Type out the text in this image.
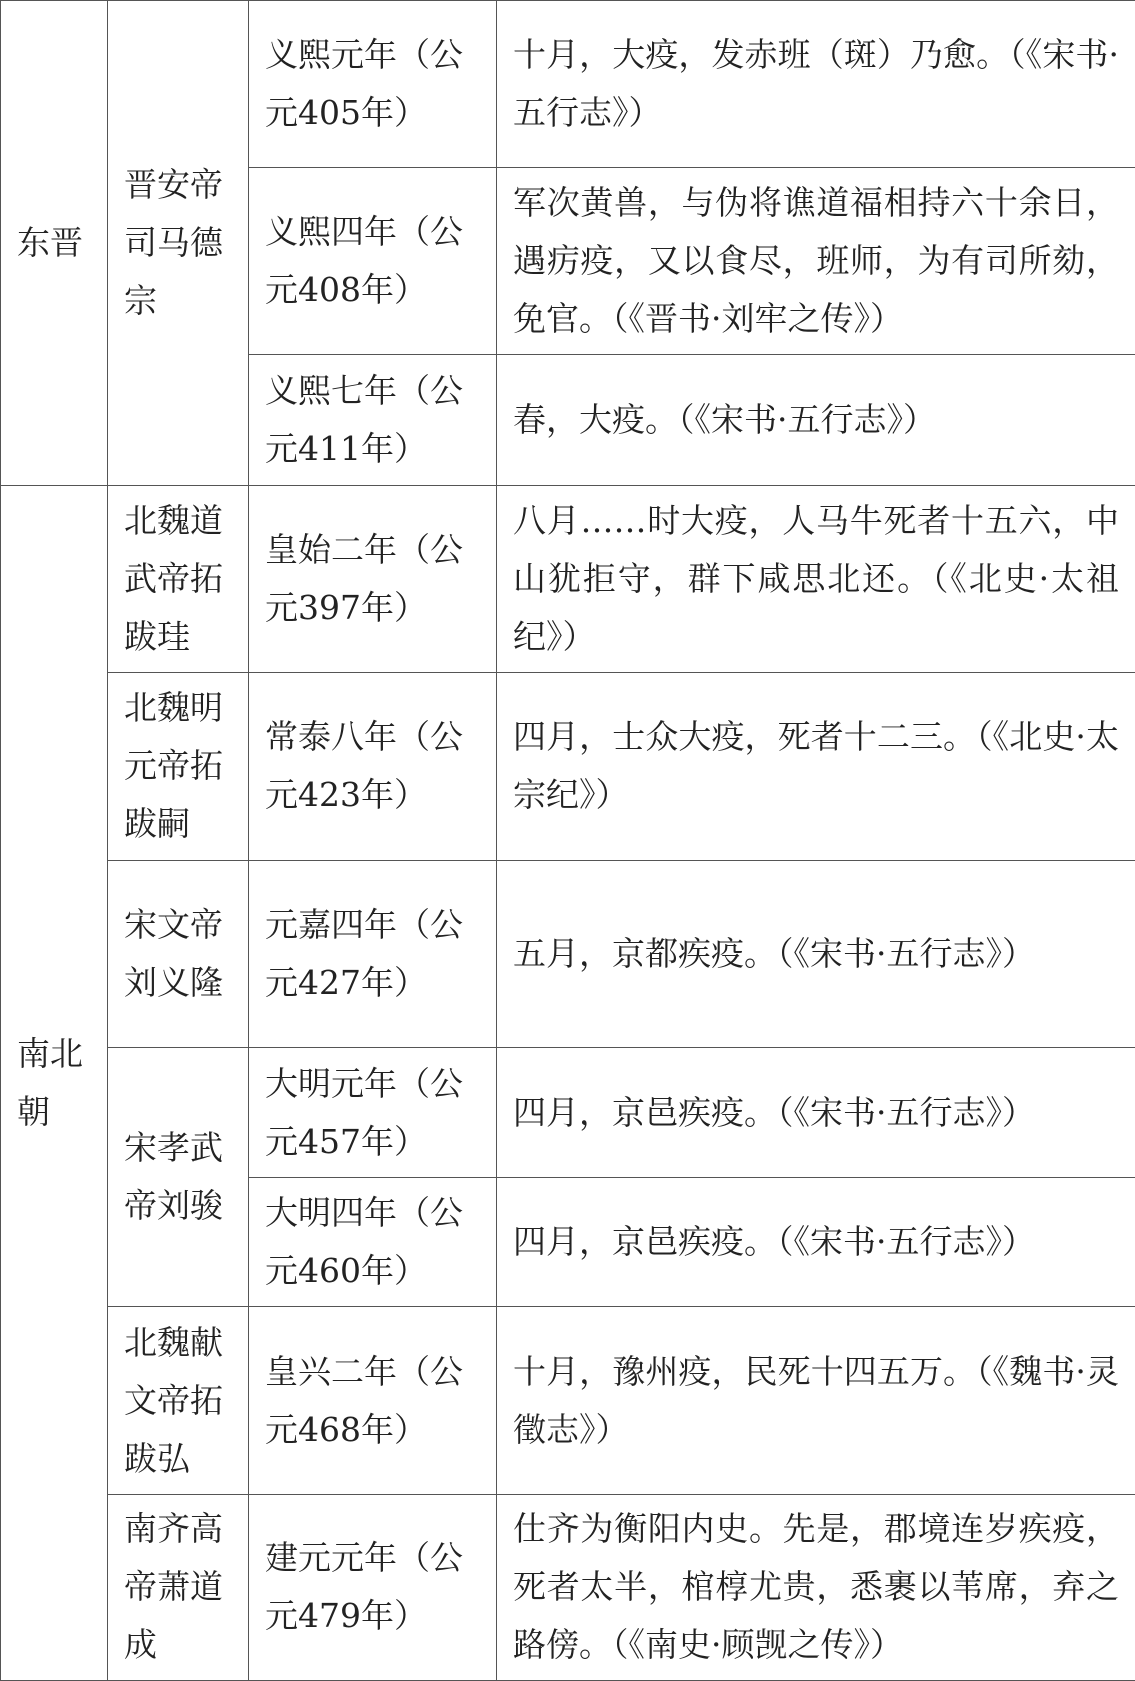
东晋	晋安帝司马德宗	义熙元年（公元405年）	十月，大疫，发赤班（斑）乃愈。（《宋书·五行志》）

		义熙四年（公元408年）	军次黄兽，与伪将谯道福相持六十余日，遇疠疫，又以食尽，班师，为有司所劾，免官。（《晋书·刘牢之传》）

		义熙七年（公元411年）	春，大疫。（《宋书·五行志》）

南北朝	北魏道武帝拓跋珪	皇始二年（公元397年）	八月……时大疫，人马牛死者十五六，中山犹拒守，群下咸思北还。（《北史·太祖纪》）

	北魏明元帝拓跋嗣	常泰八年（公元423年）	四月，士众大疫，死者十二三。（《北史·太宗纪》）

	宋文帝刘义隆	元嘉四年（公元427年）	五月，京都疾疫。（《宋书·五行志》）

	宋孝武帝刘骏	大明元年（公元457年）	四月，京邑疾疫。（《宋书·五行志》）

		大明四年（公元460年）	四月，京邑疾疫。（《宋书·五行志》）

	北魏献文帝拓跋弘	皇兴二年（公元468年）	十月，豫州疫，民死十四五万。（《魏书·灵徵志》）

	南齐高帝萧道成	建元元年（公元479年）	仕齐为衡阳内史。先是，郡境连岁疾疫，死者太半，棺椁尤贵，悉裹以苇席，弃之路傍。（《南史·顾觊之传》）
